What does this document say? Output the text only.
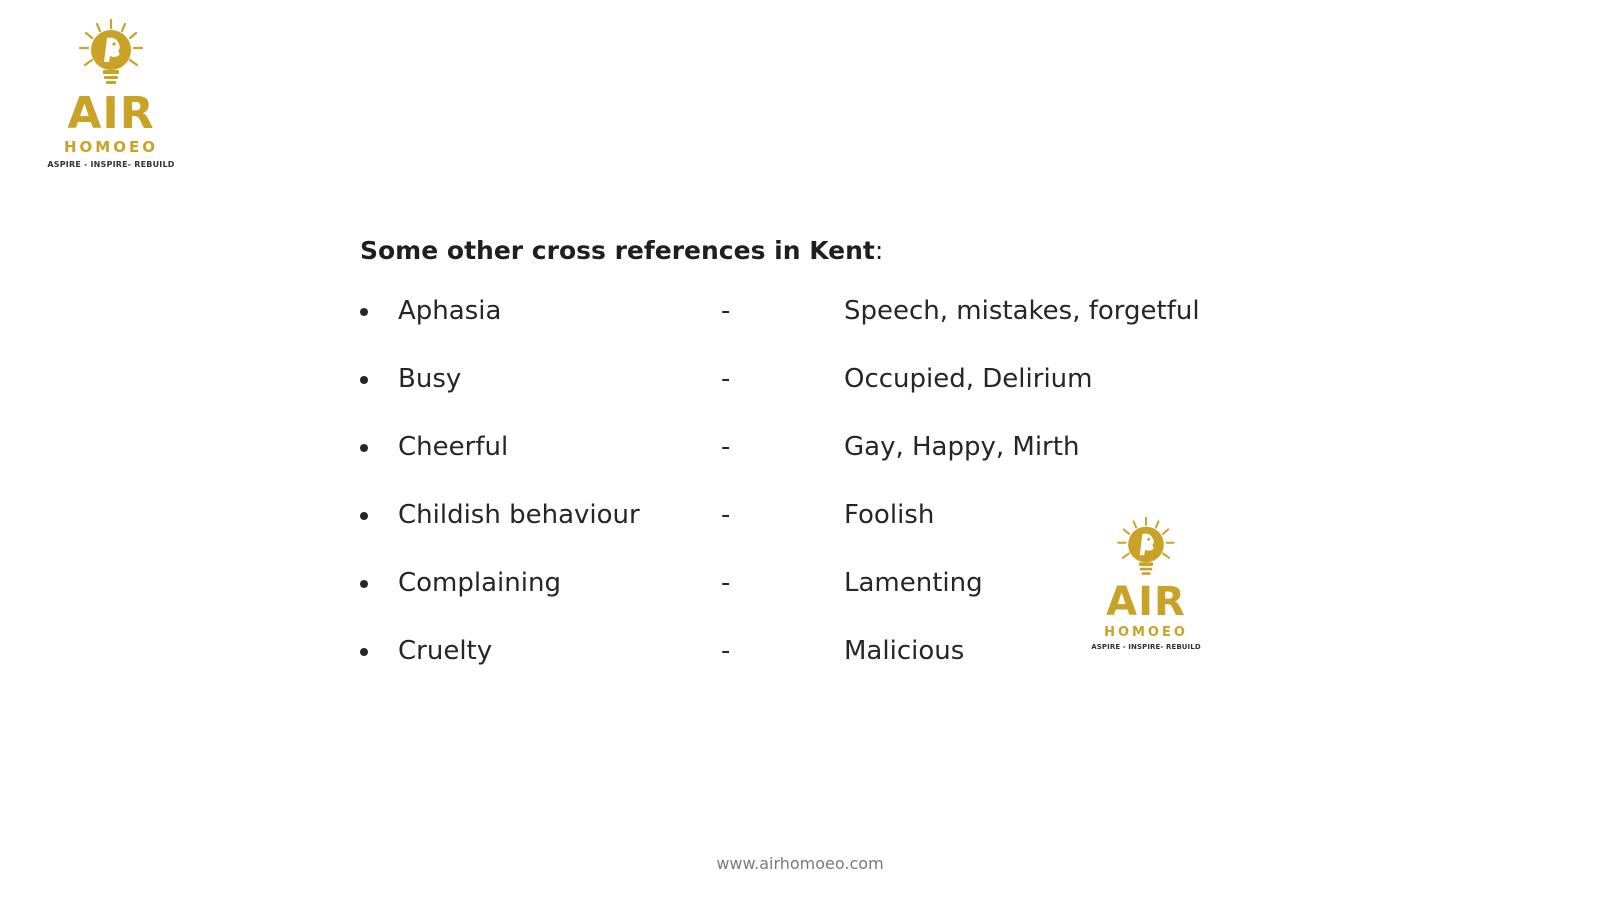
AIR
HOMOEO
ASPIRE - INSPIRE- REBUILD
Some other cross references in Kent:
Aphasia	-	Speech, mistakes, forgetful
Busy	-	Occupied, Delirium
Cheerful	-	Gay, Happy, Mirth
Childish behaviour	-	Foolish
Complaining	-	Lamenting
Cruelty	-	Malicious
AIR
HOMOEO
ASPIRE - INSPIRE- REBUILD
www.airhomoeo.com
